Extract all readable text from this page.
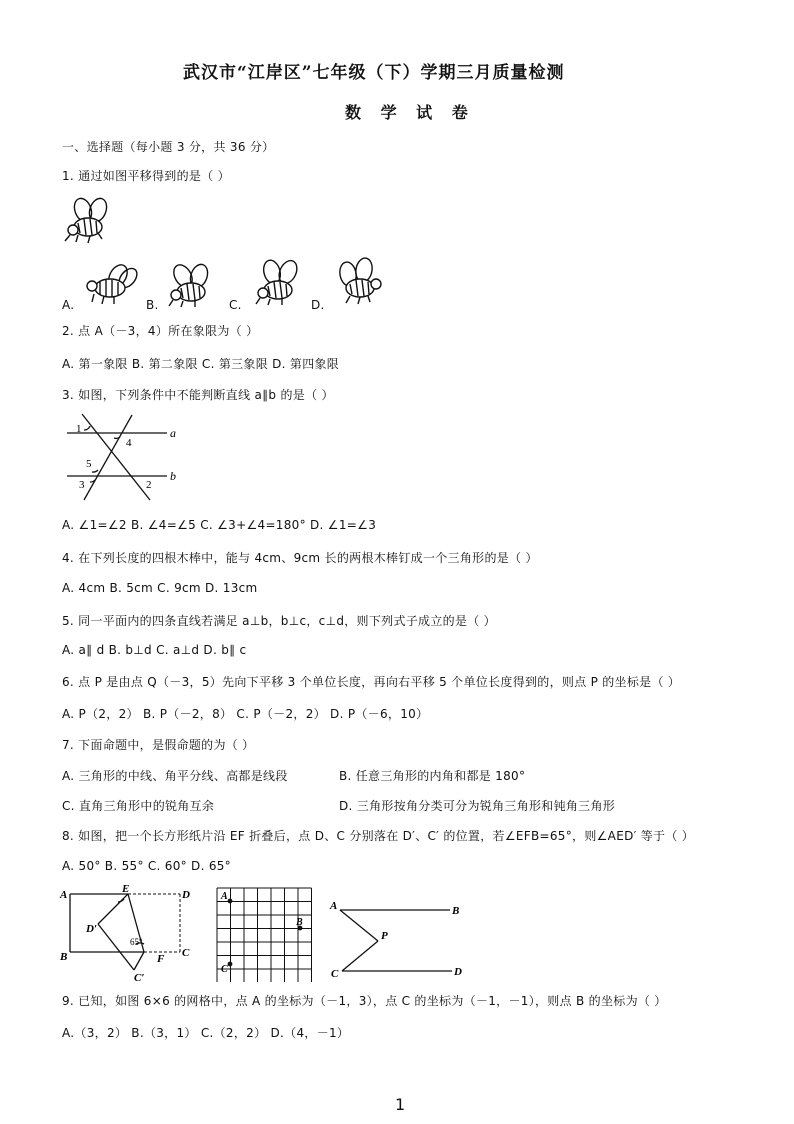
武汉市“江岸区”七年级（下）学期三月质量检测
数 学 试 卷
一、选择题（每小题 3 分，共 36 分）
1. 通过如图平移得到的是（ ）
A.	B.	C.	D.
2. 点 A（－3，4）所在象限为（ ）
A. 第一象限 B. 第二象限 C. 第三象限 D. 第四象限
3. 如图，下列条件中不能判断直线 a∥b 的是（ ）
1
4
5
3	2
a
b
A. ∠1=∠2 B. ∠4=∠5 C. ∠3+∠4=180° D. ∠1=∠3
4. 在下列长度的四根木棒中，能与 4cm、9cm 长的两根木棒钉成一个三角形的是（ ）
A. 4cm B. 5cm C. 9cm D. 13cm
5. 同一平面内的四条直线若满足 a⊥b，b⊥c，c⊥d，则下列式子成立的是（ ）
A. a∥ d B. b⊥d C. a⊥d D. b∥ c
6. 点 P 是由点 Q（－3，5）先向下平移 3 个单位长度，再向右平移 5 个单位长度得到的，则点 P 的坐标是（ ）
A. P（2，2） B. P（－2，8） C. P（－2，2） D. P（－6，10）
7. 下面命题中，是假命题的为（ ）
A. 三角形的中线、角平分线、高都是线段	B. 任意三角形的内角和都是 180°
C. 直角三角形中的锐角互余	D. 三角形按角分类可分为锐角三角形和钝角三角形
8. 如图，把一个长方形纸片沿 EF 折叠后，点 D、C 分别落在 D′、C′ 的位置，若∠EFB=65°，则∠AED′ 等于（ ）
A. 50° B. 55° C. 60° D. 65°
A	E	D
D′
65°
B	C
F
C′
A
B
C
A	B
P
C	D
9. 已知，如图 6×6 的网格中，点 A 的坐标为（－1，3），点 C 的坐标为（－1，－1），则点 B 的坐标为（ ）
A.（3，2） B.（3，1） C.（2，2） D.（4，－1）
1
